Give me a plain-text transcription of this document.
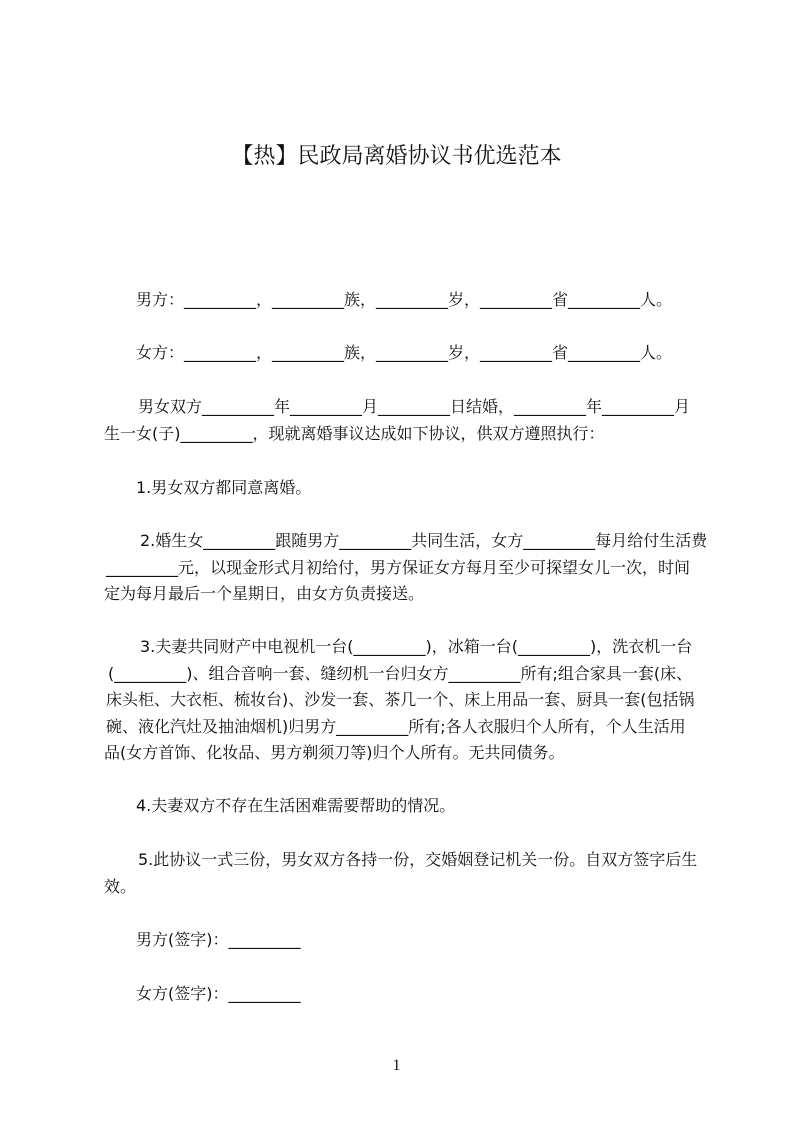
【热】民政局离婚协议书优选范本
男方：_________，_________族，_________岁，_________省_________人。
女方：_________，_________族，_________岁，_________省_________人。
男女双方_________年_________月_________日结婚，_________年_________月
生一女(子)_________，现就离婚事议达成如下协议，供双方遵照执行：
1.男女双方都同意离婚。
2.婚生女_________跟随男方_________共同生活，女方_________每月给付生活费
_________元，以现金形式月初给付，男方保证女方每月至少可探望女儿一次，时间
定为每月最后一个星期日，由女方负责接送。
3.夫妻共同财产中电视机一台(_________)，冰箱一台(_________)，洗衣机一台
(_________)、组合音响一套、缝纫机一台归女方_________所有;组合家具一套(床、
床头柜、大衣柜、梳妆台)、沙发一套、茶几一个、床上用品一套、厨具一套(包括锅
碗、液化汽灶及抽油烟机)归男方_________所有;各人衣服归个人所有，个人生活用
品(女方首饰、化妆品、男方剃须刀等)归个人所有。无共同债务。
4.夫妻双方不存在生活困难需要帮助的情况。
5.此协议一式三份，男女双方各持一份，交婚姻登记机关一份。自双方签字后生
效。
男方(签字)：_________
女方(签字)：_________
1
